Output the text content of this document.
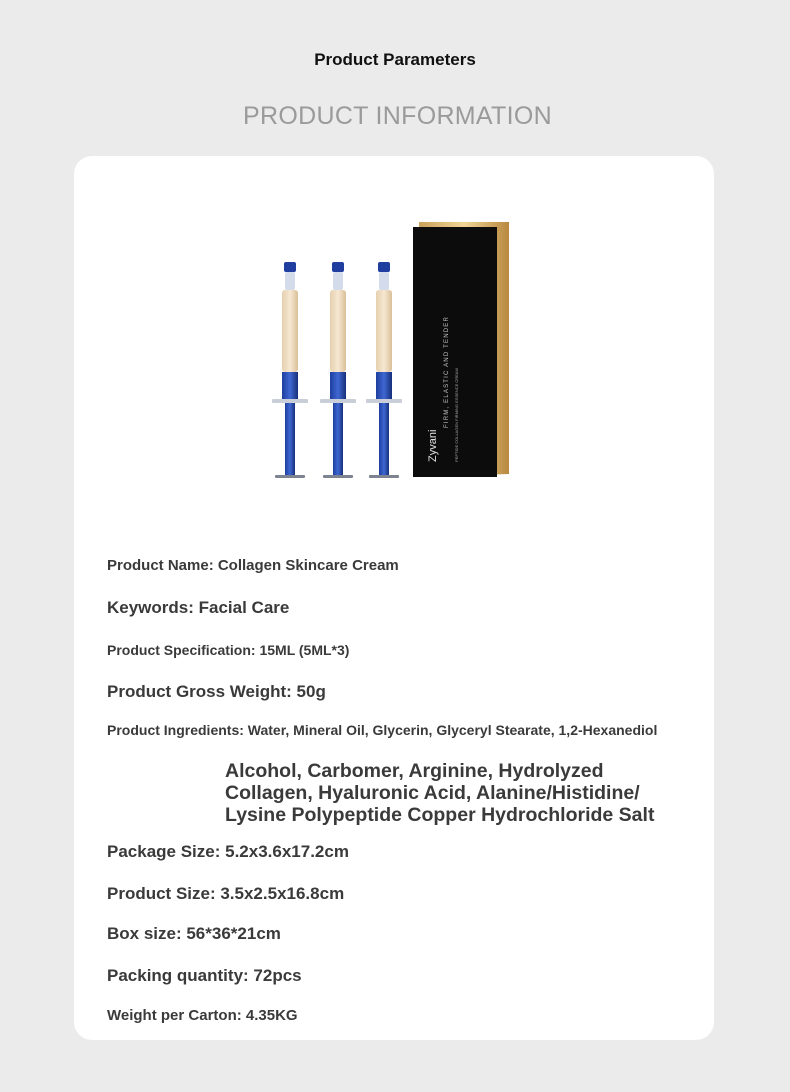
Product Parameters
PRODUCT INFORMATION
FIRM, ELASTIC AND TENDER
Zyvani	PEPTIDE COLLAGEN FIRMING ESSENCE CREAM
Product Name: Collagen Skincare Cream
Keywords: Facial Care
Product Specification: 15ML (5ML*3)
Product Gross Weight: 50g
Product Ingredients: Water, Mineral Oil, Glycerin, Glyceryl Stearate, 1,2-Hexanediol
Alcohol, Carbomer, Arginine, Hydrolyzed
Collagen, Hyaluronic Acid, Alanine/Histidine/
Lysine Polypeptide Copper Hydrochloride Salt
Package Size: 5.2x3.6x17.2cm
Product Size: 3.5x2.5x16.8cm
Box size: 56*36*21cm
Packing quantity: 72pcs
Weight per Carton: 4.35KG
